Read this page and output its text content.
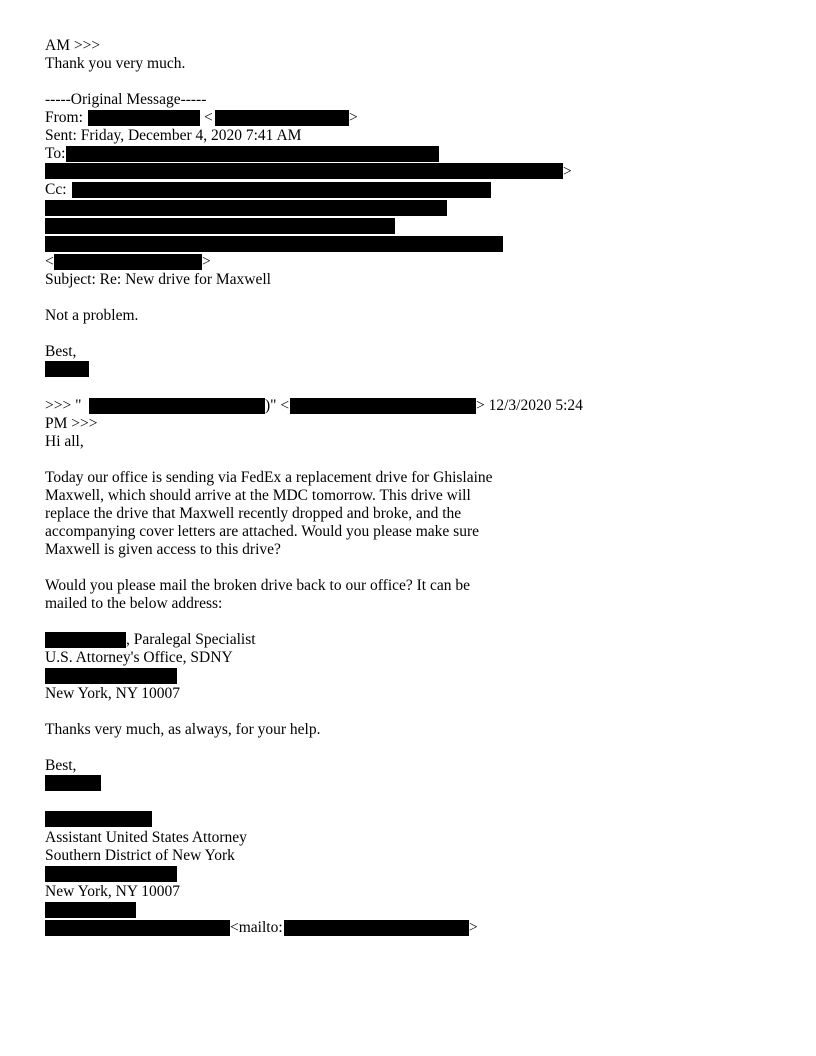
AM >>>
Thank you very much.
-----Original Message-----
From:	<	>
Sent: Friday, December 4, 2020 7:41 AM
To:
>
Cc:
<	>
Subject: Re: New drive for Maxwell
Not a problem.
Best,
>>> "	)" <	> 12/3/2020 5:24
PM >>>
Hi all,
Today our office is sending via FedEx a replacement drive for Ghislaine
Maxwell, which should arrive at the MDC tomorrow. This drive will
replace the drive that Maxwell recently dropped and broke, and the
accompanying cover letters are attached. Would you please make sure
Maxwell is given access to this drive?
Would you please mail the broken drive back to our office? It can be
mailed to the below address:
, Paralegal Specialist
U.S. Attorney's Office, SDNY
New York, NY 10007
Thanks very much, as always, for your help.
Best,
Assistant United States Attorney
Southern District of New York
New York, NY 10007
<mailto:	>
